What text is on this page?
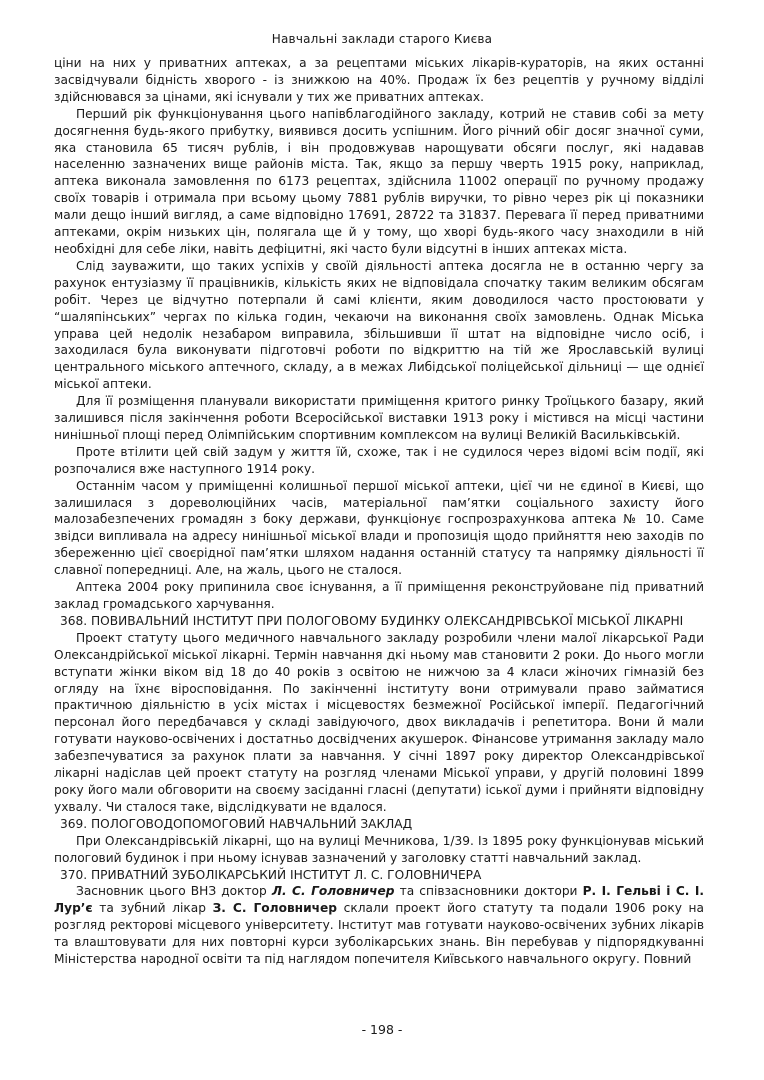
Навчальні заклади старого Києва

ціни на них у приватних аптеках, а за рецептами міських лікарів-кураторів, на яких останні засвідчували бідність хворого - із знижкою на 40%. Продаж їх без рецептів у ручному відділі здійснювався за цінами, які існували у тих же приватних аптеках.

Перший рік функціонування цього напівблагодійного закладу, котрий не ставив собі за мету досягнення будь-якого прибутку, виявився досить успішним. Його річний обіг досяг значної суми, яка становила 65 тисяч рублів, і він продовжував нарощувати обсяги послуг, які надавав населенню зазначених вище районів міста. Так, якщо за першу чверть 1915 року, наприклад, аптека виконала замовлення по 6173 рецептах, здійснила 11002 операції по ручному продажу своїх товарів і отримала при всьому цьому 7881 рублів виручки, то рівно через рік ці показники мали дещо інший вигляд, а саме відповідно 17691, 28722 та 31837. Перевага її перед приватними аптеками, окрім низьких цін, полягала ще й у тому, що хворі будь-якого часу знаходили в ній необхідні для себе ліки, навіть дефіцитні, які часто були відсутні в інших аптеках міста.

Слід зауважити, що таких успіхів у своїй діяльності аптека досягла не в останню чергу за рахунок ентузіазму її працівників, кількість яких не відповідала спочатку таким великим обсягам робіт. Через це відчутно потерпали й самі клієнти, яким доводилося часто простоювати у “шаляпінських” чергах по кілька годин, чекаючи на виконання своїх замовлень. Однак Міська управа цей недолік незабаром виправила, збільшивши її штат на відповідне число осіб, і заходилася була виконувати підготовчі роботи по відкриттю на тій же Ярославській вулиці центрального міського аптечного, складу, а в межах Либідської поліцейської дільниці — ще однієї міської аптеки.

Для її розміщення планували використати приміщення критого ринку Троїцького базару, який залишився після закінчення роботи Всеросійської виставки 1913 року і містився на місці частини нинішньої площі перед Олімпійським спортивним комплексом на вулиці Великій Васильківській.

Проте втілити цей свій задум у життя їй, схоже, так і не судилося через відомі всім події, які розпочалися вже наступного 1914 року.

Останнім часом у приміщенні колишньої першої міської аптеки, цієї чи не єдиної в Києві, що залишилася з дореволюційних часів, матеріальної пам’ятки соціального захисту його малозабезпечених громадян з боку держави, функціонує госпрозрахункова аптека № 10. Саме звідси випливала на адресу нинішньої міської влади и пропозиція щодо прийняття нею заходів по збереженню цієї своєрідної пам’ятки шляхом надання останній статусу та напрямку діяльності її славної попередниці. Але, на жаль, цього не сталося.

Аптека 2004 року припинила своє існування, а її приміщення реконструйоване під приватний заклад громадського харчування.

368. ПОВИВАЛЬНИЙ ІНСТИТУТ ПРИ ПОЛОГОВОМУ БУДИНКУ ОЛЕКСАНДРІВСЬКОЇ МІСЬКОЇ ЛІКАРНІ

Проект статуту цього медичного навчального закладу розробили члени малої лікарської Ради Олександрійської міської лікарні. Термін навчання дкі ньому мав становити 2 роки. До нього могли вступати жінки віком від 18 до 40 років з освітою не нижчою за 4 класи жіночих гімназій без огляду на їхнє віросповідання. По закінченні інституту вони отримували право займатися практичною діяльністю в усіх містах і місцевостях безмежної Російської імперії. Педагогічний персонал його передбачався у складі завідуючого, двох викладачів і репетитора. Вони й мали готувати науково-освічених і достатньо досвідчених акушерок. Фінансове утримання закладу мало забезпечуватися за рахунок плати за навчання. У січні 1897 року директор Олександрівської лікарні надіслав цей проект статуту на розгляд членами Міської управи, у другій половині 1899 року його мали обговорити на своєму засіданні гласні (депутати) іської думи і прийняти відповідну ухвалу. Чи сталося таке, відслідкувати не вдалося.

369. ПОЛОГОВОДОПОМОГОВИЙ НАВЧАЛЬНИЙ ЗАКЛАД

При Олександрівській лікарні, що на вулиці Мечникова, 1/39. Із 1895 року функціонував міський пологовий будинок і при ньому існував зазначений у заголовку статті навчальний заклад.

370. ПРИВАТНИЙ ЗУБОЛІКАРСЬКИЙ ІНСТИТУТ Л. С. ГОЛОВНИЧЕРА

Засновник цього ВНЗ доктор Л. С. Головничер та співзасновники доктори Р. І. Гельві і С. І. Лур’є та зубний лікар З. С. Головничер склали проект його статуту та подали 1906 року на розгляд ректорові місцевого університету. Інститут мав готувати науково-освічених зубних лікарів та влаштовувати для них повторні курси зуболікарських знань. Він перебував у підпорядкуванні Міністерства народної освіти та під наглядом попечителя Київського навчального округу. Повний

- 198 -
